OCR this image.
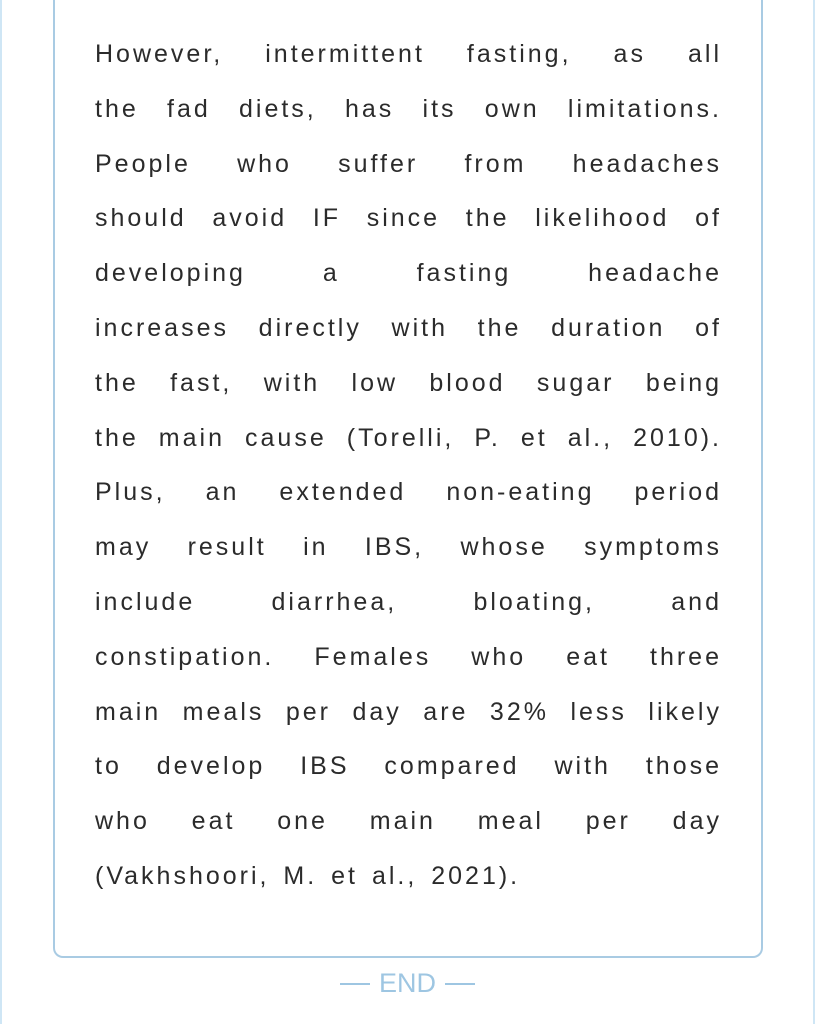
However, intermittent fasting, as all
the fad diets, has its own limitations.
People who suffer from headaches
should avoid IF since the likelihood of
developing a fasting headache
increases directly with the duration of
the fast, with low blood sugar being
the main cause (Torelli, P. et al., 2010).
Plus, an extended non-eating period
may result in IBS, whose symptoms
include diarrhea, bloating, and
constipation. Females who eat three
main meals per day are 32% less likely
to develop IBS compared with those
who eat one main meal per day
(Vakhshoori, M. et al., 2021).

END
